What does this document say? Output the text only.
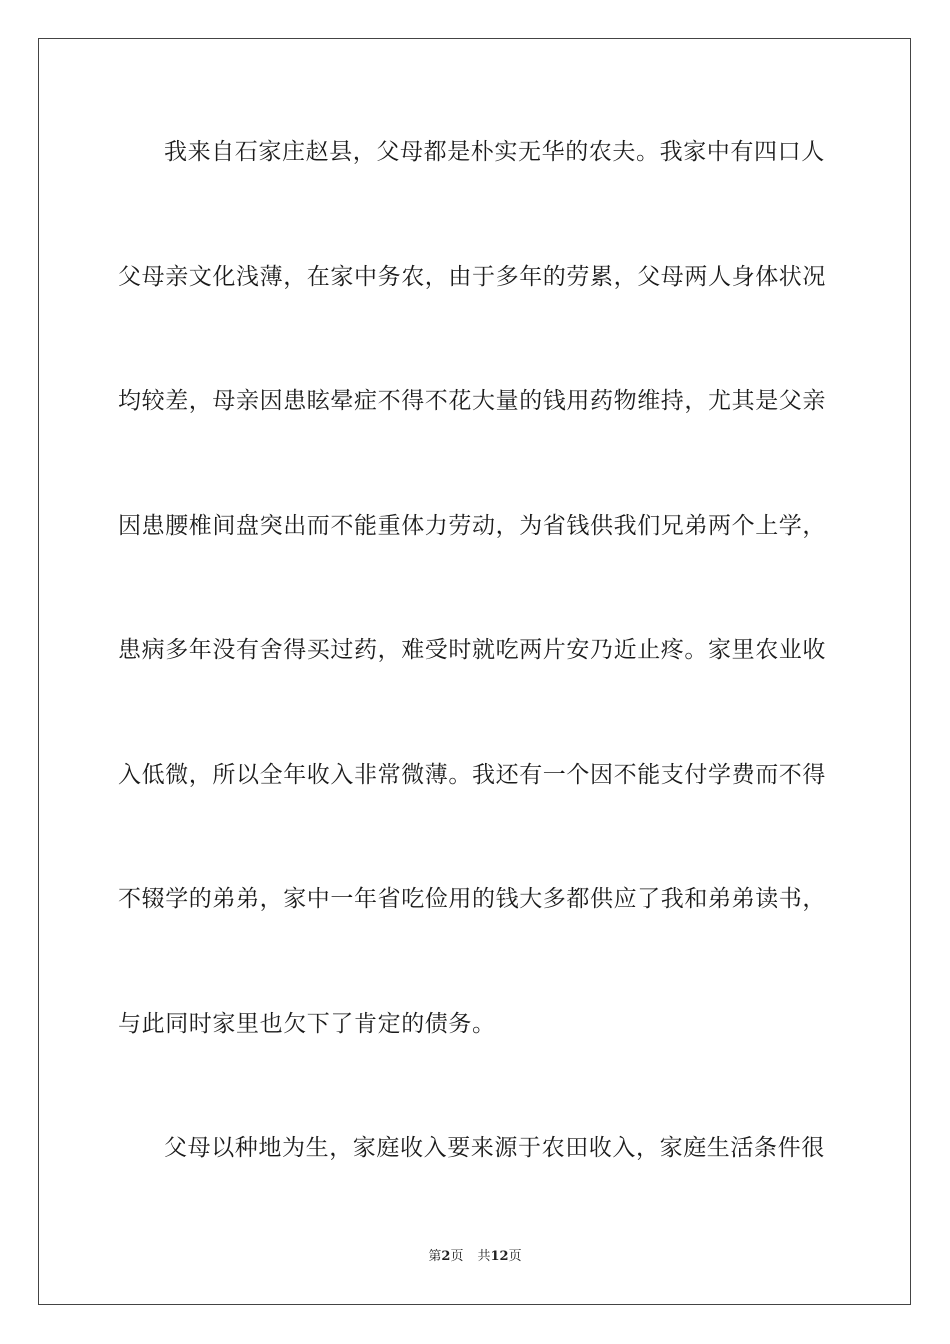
我来自石家庄赵县，父母都是朴实无华的农夫。我家中有四口人
父母亲文化浅薄，在家中务农，由于多年的劳累，父母两人身体状况
均较差，母亲因患眩晕症不得不花大量的钱用药物维持，尤其是父亲
因患腰椎间盘突出而不能重体力劳动，为省钱供我们兄弟两个上学，
患病多年没有舍得买过药，难受时就吃两片安乃近止疼。家里农业收
入低微，所以全年收入非常微薄。我还有一个因不能支付学费而不得
不辍学的弟弟，家中一年省吃俭用的钱大多都供应了我和弟弟读书，
与此同时家里也欠下了肯定的债务。
父母以种地为生，家庭收入要来源于农田收入，家庭生活条件很
第2页 共12页
